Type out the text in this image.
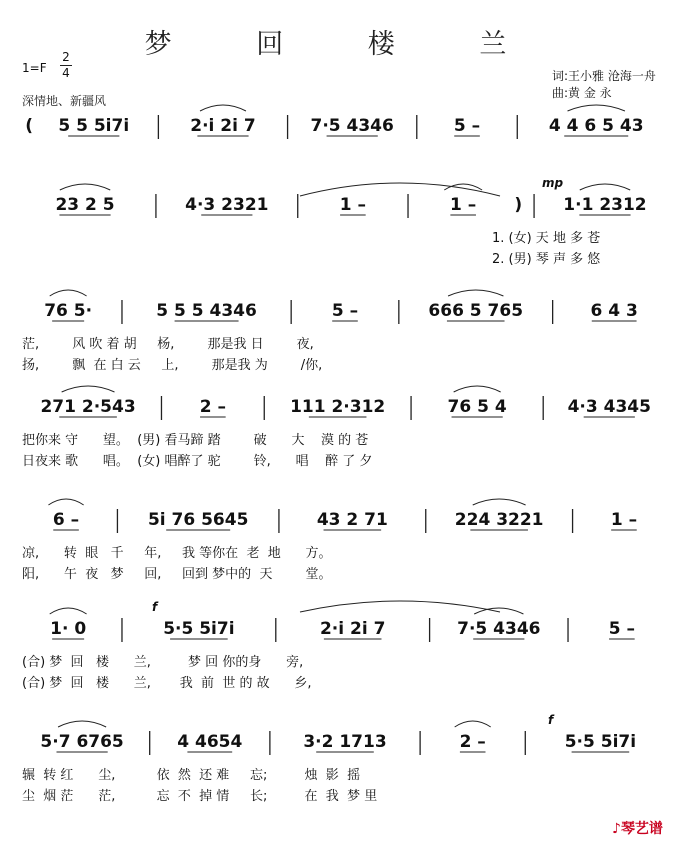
梦 回 楼 兰
1=F
2
4
深情地、新疆风
词:王小雅 沧海一舟
曲:黄 金 永
( 5 5 5i7i	2·i 2i 7	7·5 4346	5 –	4 4 6 5 43
23 2 5	4·3 2321	1 –	1 – ) 1·1 2312
mp
1. (女) 天 地 多 苍
2. (男) 琴 声 多 悠
76 5·	5 5 5 4346	5 –	666 5 765	6 4 3
茫,        风 吹 着 胡     杨,        那是我 日        夜,
扬,        飘  在 白 云     上,        那是我 为        /你,
271 2·543	2 –	111 2·312	76 5 4	4·3 4345
把你来 守      望。  (男) 看马蹄 踏        破      大    漠 的 苍
日夜来 歌      唱。  (女) 唱醉了 驼        铃,      唱    醉 了 夕
6 –	5i 76 5645	43 2 71	224 3221	1 –
凉,      转  眼   千     年,     我 等你在  老  地      方。
阳,      午  夜   梦     回,     回到 梦中的  天        堂。
1· 0	5·5 5i7i	2·i 2i 7	7·5 4346	5 –
f
(合) 梦  回   楼      兰,         梦 回 你的身      旁,
(合) 梦  回   楼      兰,       我  前  世 的 故      乡,
5·7 6765	4 4654	3·2 1713	2 –	5·5 5i7i
f
辗  转 红      尘,          依  然  还 难     忘;         烛  影  摇
尘  烟 茫      茫,          忘  不  掉 情     长;         在  我  梦 里
♪琴艺谱
